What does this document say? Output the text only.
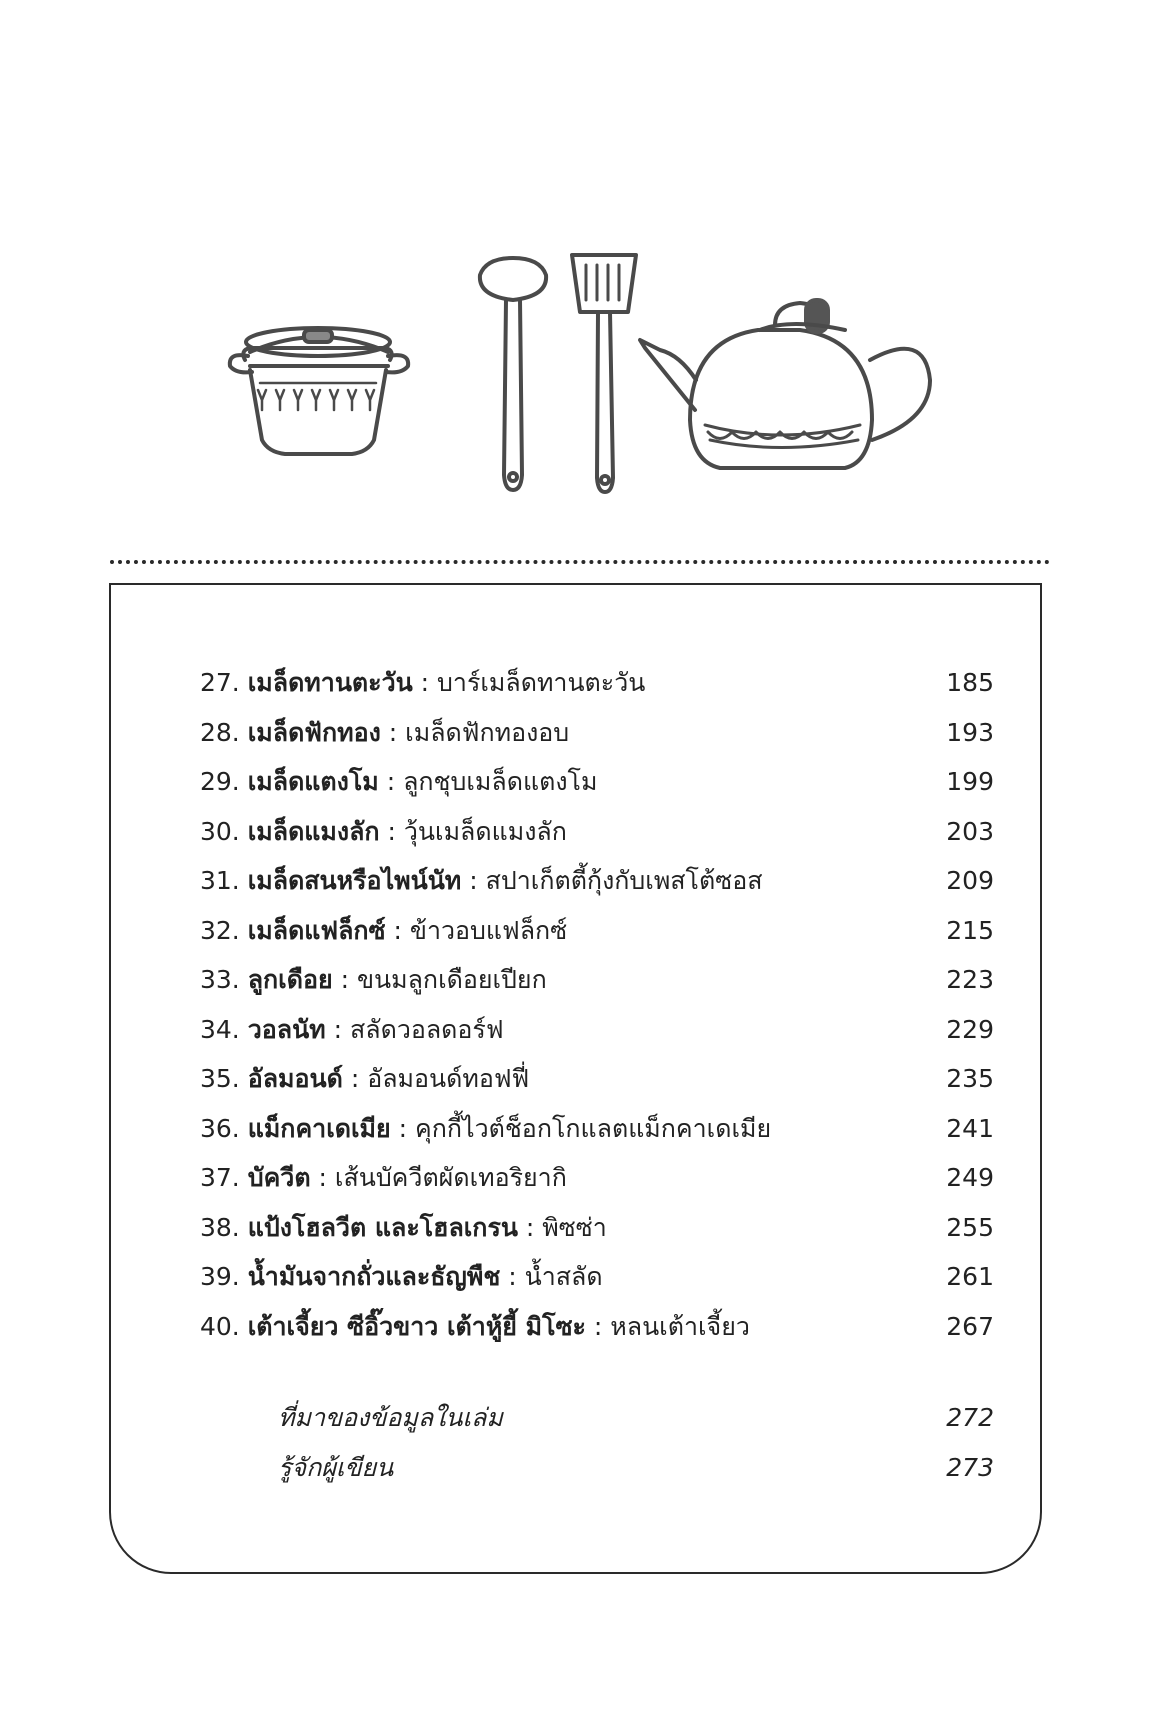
27. เมล็ดทานตะวัน : บาร์เมล็ดทานตะวัน	185
28. เมล็ดฟักทอง : เมล็ดฟักทองอบ	193
29. เมล็ดแตงโม : ลูกชุบเมล็ดแตงโม	199
30. เมล็ดแมงลัก : วุ้นเมล็ดแมงลัก	203
31. เมล็ดสนหรือไพน์นัท : สปาเก็ตตี้กุ้งกับเพสโต้ซอส	209
32. เมล็ดแฟล็กซ์ : ข้าวอบแฟล็กซ์	215
33. ลูกเดือย : ขนมลูกเดือยเปียก	223
34. วอลนัท : สลัดวอลดอร์ฟ	229
35. อัลมอนด์ : อัลมอนด์ทอฟฟี่	235
36. แม็กคาเดเมีย : คุกกี้ไวต์ช็อกโกแลตแม็กคาเดเมีย	241
37. บัควีต : เส้นบัควีตผัดเทอริยากิ	249
38. แป้งโฮลวีต และโฮลเกรน : พิซซ่า	255
39. น้ำมันจากถั่วและธัญพืช : น้ำสลัด	261
40. เต้าเจี้ยว ซีอิ๊วขาว เต้าหู้ยี้ มิโซะ : หลนเต้าเจี้ยว	267
ที่มาของข้อมูลในเล่ม	272
รู้จักผู้เขียน	273
